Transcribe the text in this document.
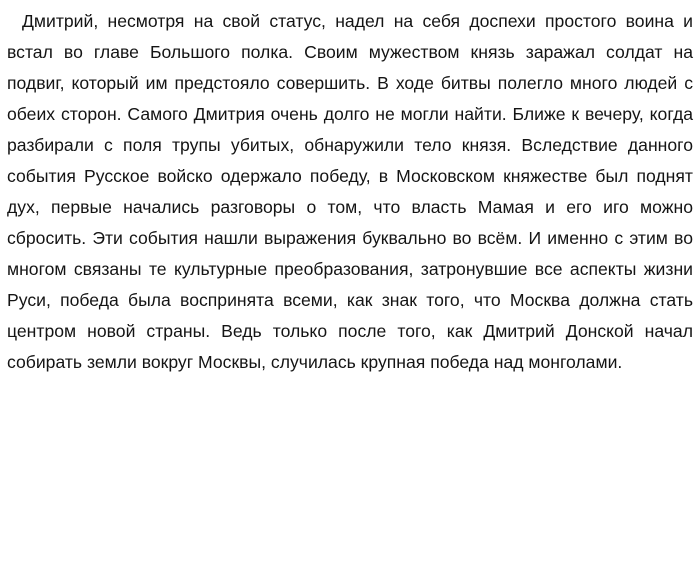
Дмитрий, несмотря на свой статус, надел на себя доспехи простого воина и встал во главе Большого полка. Своим мужеством князь заражал солдат на подвиг, который им предстояло совершить. В ходе битвы полегло много людей с обеих сторон. Самого Дмитрия очень долго не могли найти. Ближе к вечеру, когда разбирали с поля трупы убитых, обнаружили тело князя. Вследствие данного события Русское войско одержало победу, в Московском княжестве был поднят дух, первые начались разговоры о том, что власть Мамая и его иго можно сбросить. Эти события нашли выражения буквально во всём. И именно с этим во многом связаны те культурные преобразования, затронувшие все аспекты жизни Руси, победа была воспринята всеми, как знак того, что Москва должна стать центром новой страны. Ведь только после того, как Дмитрий Донской начал собирать земли вокруг Москвы, случилась крупная победа над монголами.
